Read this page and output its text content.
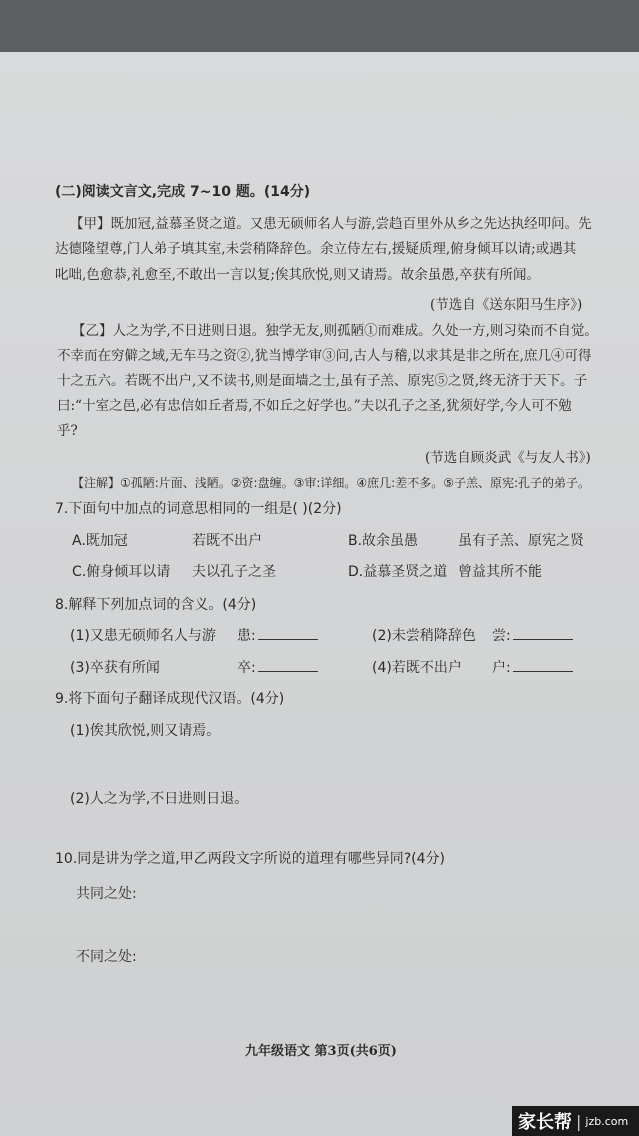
(二)阅读文言文,完成 7~10 题。(14分)
【甲】既加冠,益慕圣贤之道。又患无硕师名人与游,尝趋百里外从乡之先达执经叩问。先
达德隆望尊,门人弟子填其室,未尝稍降辞色。余立侍左右,援疑质理,俯身倾耳以请;或遇其
叱咄,色愈恭,礼愈至,不敢出一言以复;俟其欣悦,则又请焉。故余虽愚,卒获有所闻。
(节选自《送东阳马生序》)
【乙】人之为学,不日进则日退。独学无友,则孤陋①而难成。久处一方,则习染而不自觉。
不幸而在穷僻之域,无车马之资②,犹当博学审③问,古人与稽,以求其是非之所在,庶几④可得
十之五六。若既不出户,又不读书,则是面墙之士,虽有子羔、原宪⑤之贤,终无济于天下。子
曰:“十室之邑,必有忠信如丘者焉,不如丘之好学也。”夫以孔子之圣,犹须好学,今人可不勉
乎?
(节选自顾炎武《与友人书》)
【注解】①孤陋:片面、浅陋。②资:盘缠。③审:详细。④庶几:差不多。⑤子羔、原宪:孔子的弟子。
7.下面句中加点的词意思相同的一组是( )(2分)
A.既加冠	若既不出户	B.故余虽愚	虽有子羔、原宪之贤
C.俯身倾耳以请 夫以孔子之圣	D.益慕圣贤之道 曾益其所不能
8.解释下列加点词的含义。(4分)
(1)又患无硕师名人与游 患:	(2)未尝稍降辞色 尝:
(3)卒获有所闻	卒:	(4)若既不出户 户:
9.将下面句子翻译成现代汉语。(4分)
(1)俟其欣悦,则又请焉。
(2)人之为学,不日进则日退。
10.同是讲为学之道,甲乙两段文字所说的道理有哪些异同?(4分)
共同之处:
不同之处:
九年级语文 第3页(共6页)
家长帮 | jzb.com
